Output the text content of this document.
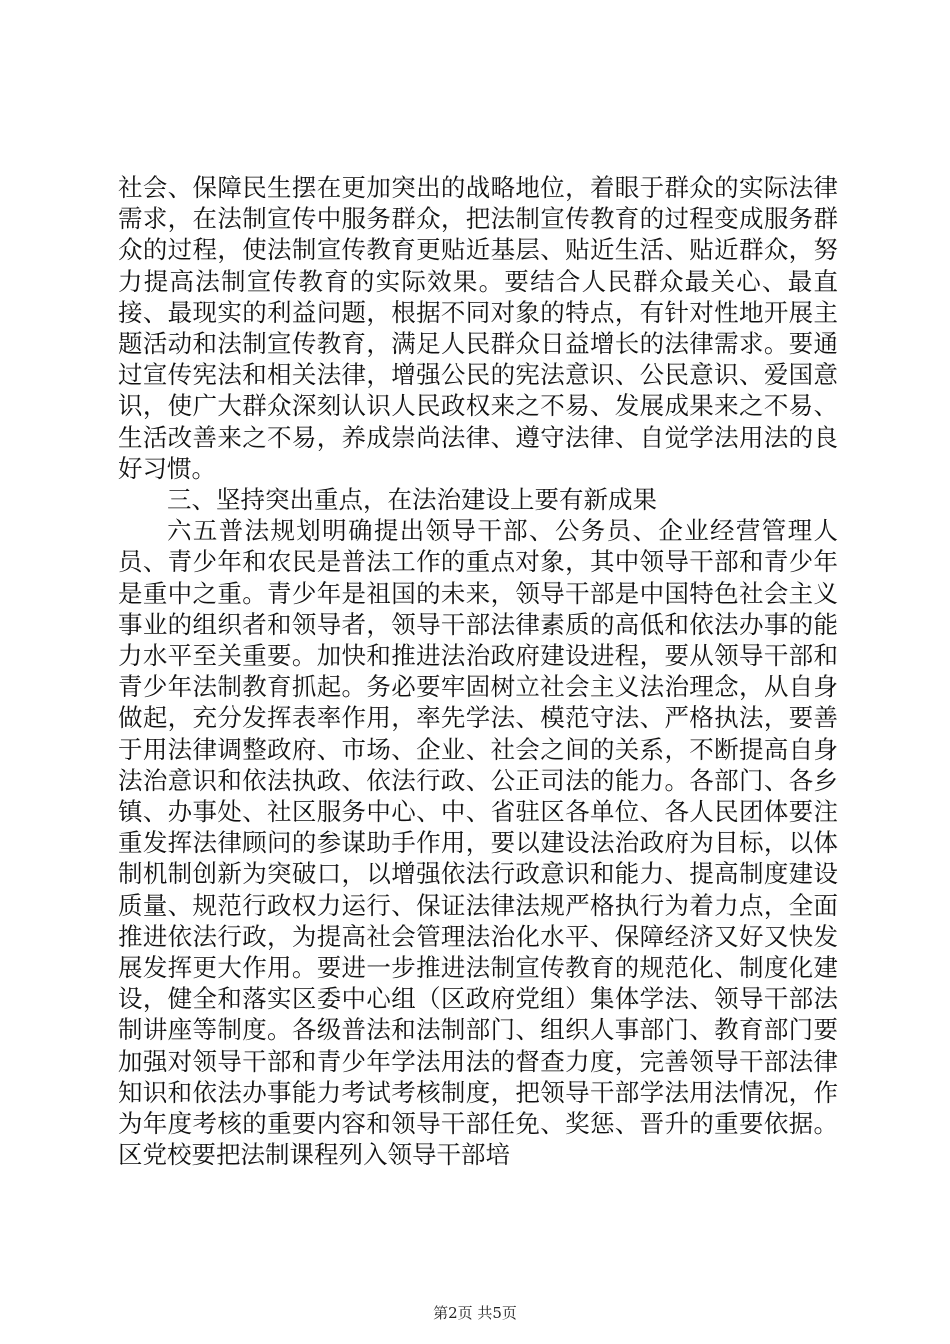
社会、保障民生摆在更加突出的战略地位，着眼于群众的实际法律需求，在法制宣传中服务群众，把法制宣传教育的过程变成服务群众的过程，使法制宣传教育更贴近基层、贴近生活、贴近群众，努力提高法制宣传教育的实际效果。要结合人民群众最关心、最直接、最现实的利益问题，根据不同对象的特点，有针对性地开展主题活动和法制宣传教育，满足人民群众日益增长的法律需求。要通过宣传宪法和相关法律，增强公民的宪法意识、公民意识、爱国意识，使广大群众深刻认识人民政权来之不易、发展成果来之不易、生活改善来之不易，养成崇尚法律、遵守法律、自觉学法用法的良好习惯。

三、坚持突出重点，在法治建设上要有新成果

六五普法规划明确提出领导干部、公务员、企业经营管理人员、青少年和农民是普法工作的重点对象，其中领导干部和青少年是重中之重。青少年是祖国的未来，领导干部是中国特色社会主义事业的组织者和领导者，领导干部法律素质的高低和依法办事的能力水平至关重要。加快和推进法治政府建设进程，要从领导干部和青少年法制教育抓起。务必要牢固树立社会主义法治理念，从自身做起，充分发挥表率作用，率先学法、模范守法、严格执法，要善于用法律调整政府、市场、企业、社会之间的关系，不断提高自身法治意识和依法执政、依法行政、公正司法的能力。各部门、各乡镇、办事处、社区服务中心、中、省驻区各单位、各人民团体要注重发挥法律顾问的参谋助手作用，要以建设法治政府为目标，以体制机制创新为突破口，以增强依法行政意识和能力、提高制度建设质量、规范行政权力运行、保证法律法规严格执行为着力点，全面推进依法行政，为提高社会管理法治化水平、保障经济又好又快发展发挥更大作用。要进一步推进法制宣传教育的规范化、制度化建设，健全和落实区委中心组（区政府党组）集体学法、领导干部法制讲座等制度。各级普法和法制部门、组织人事部门、教育部门要加强对领导干部和青少年学法用法的督查力度，完善领导干部法律知识和依法办事能力考试考核制度，把领导干部学法用法情况，作为年度考核的重要内容和领导干部任免、奖惩、晋升的重要依据。区党校要把法制课程列入领导干部培

第2页 共5页
